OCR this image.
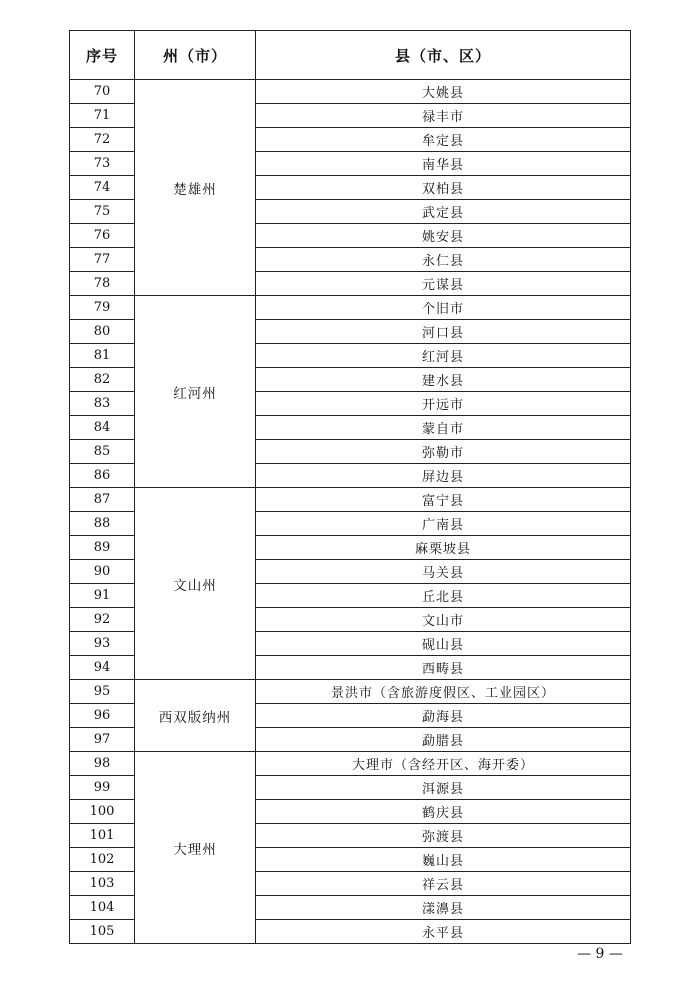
序号	州（市）	县（市、区）
70	楚雄州	大姚县
71		禄丰市
72		牟定县
73		南华县
74		双柏县
75		武定县
76		姚安县
77		永仁县
78		元谋县
79	红河州	个旧市
80		河口县
81		红河县
82		建水县
83		开远市
84		蒙自市
85		弥勒市
86		屏边县
87	文山州	富宁县
88		广南县
89		麻栗坡县
90		马关县
91		丘北县
92		文山市
93		砚山县
94		西畴县
95	西双版纳州	景洪市（含旅游度假区、工业园区）
96		勐海县
97		勐腊县
98	大理州	大理市（含经开区、海开委）
99		洱源县
100		鹤庆县
101		弥渡县
102		巍山县
103		祥云县
104		漾濞县
105		永平县
— 9 —
